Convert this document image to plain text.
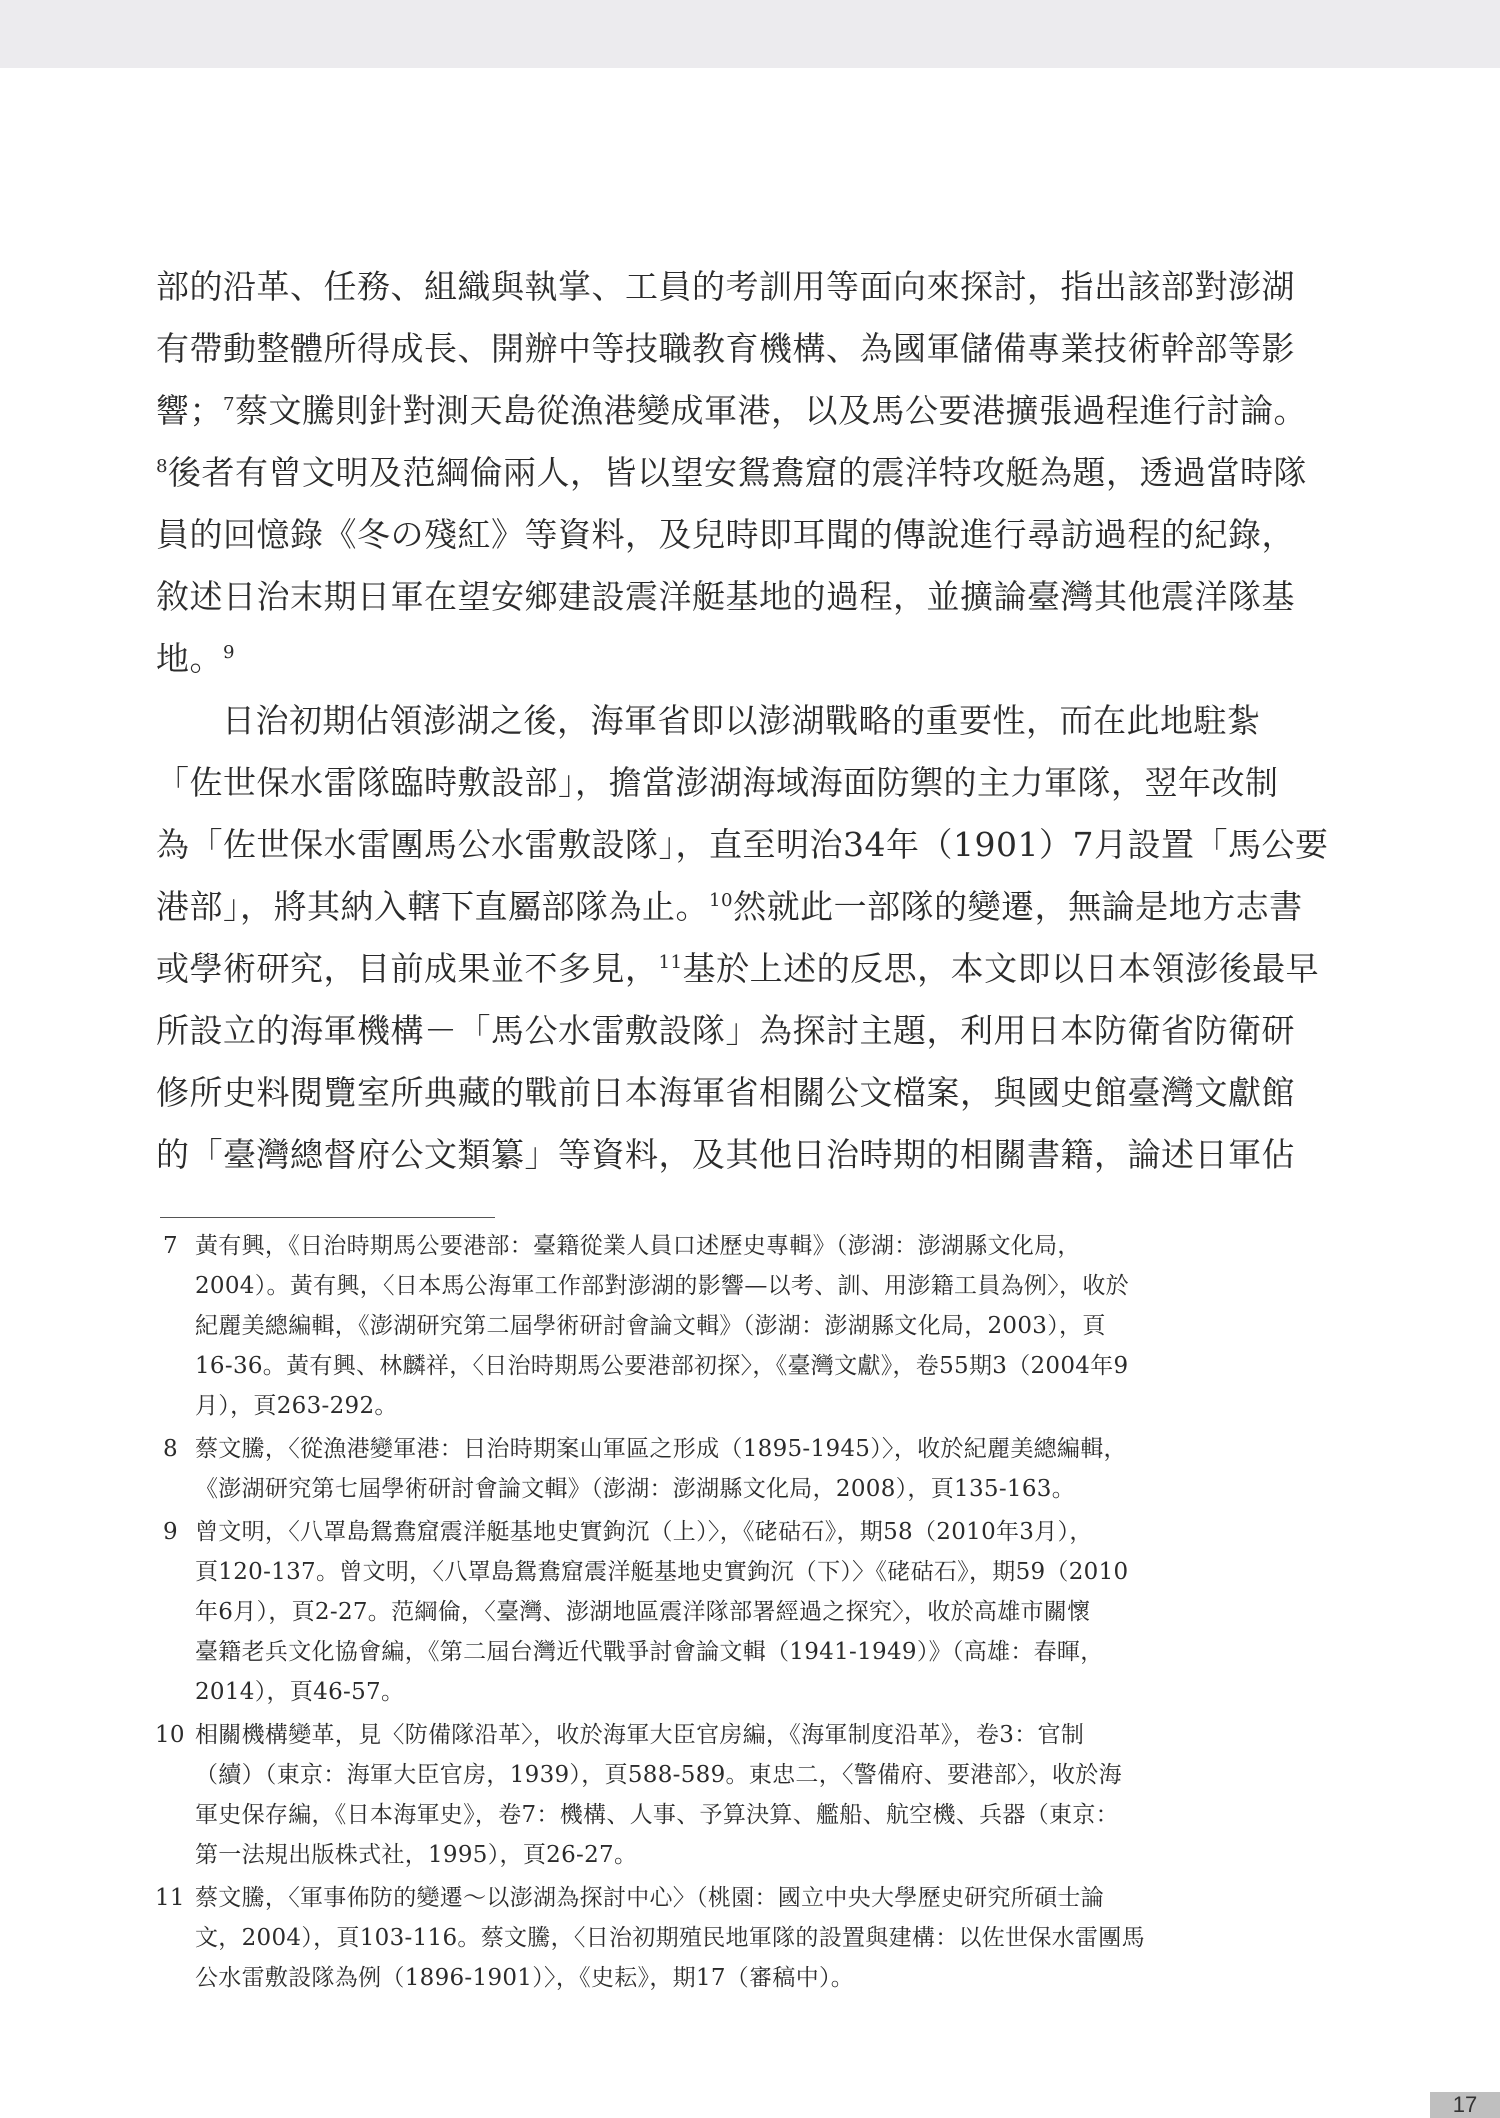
部的沿革、任務、組織與執掌、工員的考訓用等面向來探討，指出該部對澎湖
有帶動整體所得成長、開辦中等技職教育機構、為國軍儲備專業技術幹部等影
響；$^7$蔡文騰則針對測天島從漁港變成軍港，以及馬公要港擴張過程進行討論。
$^8$後者有曾文明及范綱倫兩人，皆以望安鴛鴦窟的震洋特攻艇為題，透過當時隊
員的回憶錄《冬の殘紅》等資料，及兒時即耳聞的傳說進行尋訪過程的紀錄，
敘述日治末期日軍在望安鄉建設震洋艇基地的過程，並擴論臺灣其他震洋隊基
地。$^9$
日治初期佔領澎湖之後，海軍省即以澎湖戰略的重要性，而在此地駐紮
「佐世保水雷隊臨時敷設部」，擔當澎湖海域海面防禦的主力軍隊，翌年改制
為「佐世保水雷團馬公水雷敷設隊」，直至明治34年（1901）7月設置「馬公要
港部」，將其納入轄下直屬部隊為止。$^{10}$然就此一部隊的變遷，無論是地方志書
或學術研究，目前成果並不多見，$^{11}$基於上述的反思，本文即以日本領澎後最早
所設立的海軍機構－「馬公水雷敷設隊」為探討主題，利用日本防衛省防衛研
修所史料閱覽室所典藏的戰前日本海軍省相關公文檔案，與國史館臺灣文獻館
的「臺灣總督府公文類纂」等資料，及其他日治時期的相關書籍，論述日軍佔
7 黃有興，《日治時期馬公要港部：臺籍從業人員口述歷史專輯》（澎湖：澎湖縣文化局，
2004）。黃有興，〈日本馬公海軍工作部對澎湖的影響—以考、訓、用澎籍工員為例〉，收於
紀麗美總編輯，《澎湖研究第二屆學術研討會論文輯》（澎湖：澎湖縣文化局，2003），頁
16-36。黃有興、林麟祥，〈日治時期馬公要港部初探〉，《臺灣文獻》，卷55期3（2004年9
月），頁263-292。
8 蔡文騰，〈從漁港變軍港：日治時期案山軍區之形成（1895-1945）〉，收於紀麗美總編輯，
《澎湖研究第七屆學術研討會論文輯》（澎湖：澎湖縣文化局，2008），頁135-163。
9 曾文明，〈八罩島鴛鴦窟震洋艇基地史實鉤沉（上）〉，《硓𥑮石》，期58（2010年3月），
頁120-137。曾文明，〈八罩島鴛鴦窟震洋艇基地史實鉤沉（下）〉《硓𥑮石》，期59（2010
年6月），頁2-27。范綱倫，〈臺灣、澎湖地區震洋隊部署經過之探究〉，收於高雄市關懷
臺籍老兵文化協會編，《第二屆台灣近代戰爭討會論文輯（1941-1949）》（高雄：春暉，
2014），頁46-57。
10 相關機構變革，見〈防備隊沿革〉，收於海軍大臣官房編，《海軍制度沿革》，卷3：官制
（續）（東京：海軍大臣官房，1939），頁588-589。東忠二，〈警備府、要港部〉，收於海
軍史保存編，《日本海軍史》，卷7：機構、人事、予算決算、艦船、航空機、兵器（東京：
第一法規出版株式社，1995），頁26-27。
11 蔡文騰，〈軍事佈防的變遷～以澎湖為探討中心〉（桃園：國立中央大學歷史研究所碩士論
文，2004），頁103-116。蔡文騰，〈日治初期殖民地軍隊的設置與建構：以佐世保水雷團馬
公水雷敷設隊為例（1896-1901）〉，《史耘》，期17（審稿中）。
17
